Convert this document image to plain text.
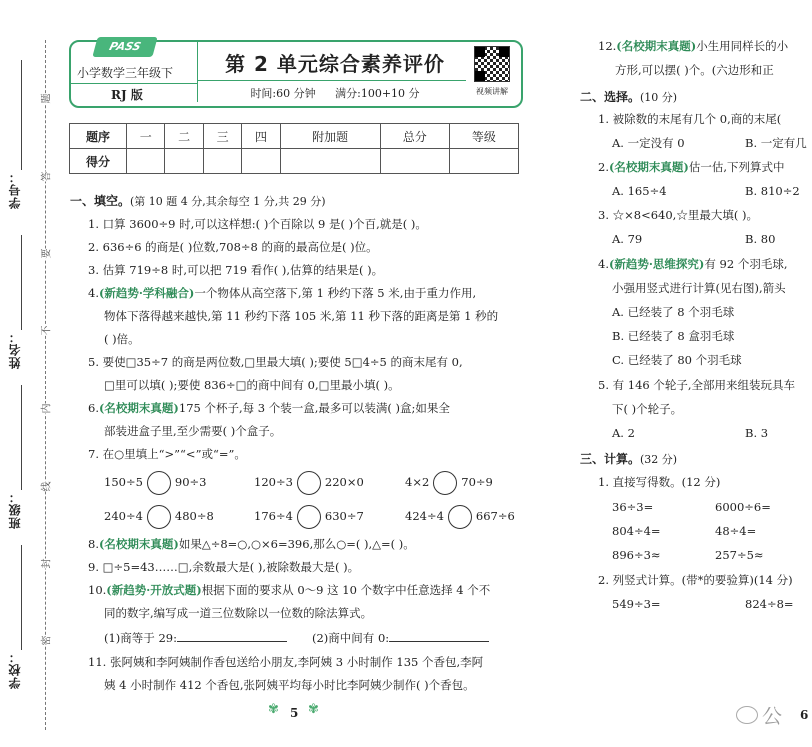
学号：
姓名：
班级：
学校：
题
答
要
不
内
线
封
密
PASS
小学数学三年级下
RJ 版
第 2 单元综合素养评价
时间:60 分钟 满分:100+10 分	视频讲解
题序	一	二	三	四	附加题	总分	等级
得分							
一、填空。(第 10 题 4 分,其余每空 1 分,共 29 分)
1. 口算 3600÷9 时,可以这样想:( )个百除以 9 是( )个百,就是( )。
2. 636÷6 的商是( )位数,708÷8 的商的最高位是( )位。
3. 估算 719÷8 时,可以把 719 看作( ),估算的结果是( )。
4.(新趋势·学科融合)一个物体从高空落下,第 1 秒约下落 5 米,由于重力作用,
物体下落得越来越快,第 11 秒约下落 105 米,第 11 秒下落的距离是第 1 秒的
( )倍。
5. 要使□35÷7 的商是两位数,□里最大填( );要使 5□4÷5 的商末尾有 0,
□里可以填( );要使 836÷□的商中间有 0,□里最小填( )。
6.(名校期末真题)175 个杯子,每 3 个装一盒,最多可以装满( )盒;如果全
部装进盒子里,至少需要( )个盒子。
7. 在○里填上“>”“<”或“=”。
150÷5	90÷3	120÷3	220×0	4×2	70÷9
240÷4	480÷8	176÷4	630÷7	424÷4	667÷6
8.(名校期末真题)如果△÷8=○,○×6=396,那么○=( ),△=( )。
9. □÷5=43……□,余数最大是( ),被除数最大是( )。
10.(新趋势·开放式题)根据下面的要求从 0～9 这 10 个数字中任意选择 4 个不
同的数字,编写成一道三位数除以一位数的除法算式。
(1)商等于 29:	(2)商中间有 0:
11. 张阿姨和李阿姨制作香包送给小朋友,李阿姨 3 小时制作 135 个香包,李阿
姨 4 小时制作 412 个香包,张阿姨平均每小时比李阿姨少制作( )个香包。
✾ 5 ✾
12.(名校期末真题)小生用同样长的小
方形,可以摆( )个。(六边形和正
二、选择。(10 分)
1. 被除数的末尾有几个 0,商的末尾(
A. 一定没有 0	B. 一定有几
2.(名校期末真题)估一估,下列算式中
A. 165÷4	B. 810÷2
3. ☆×8<640,☆里最大填( )。
A. 79	B. 80
4.(新趋势·思维探究)有 92 个羽毛球,
小强用竖式进行计算(见右图),箭头
A. 已经装了 8 个羽毛球
B. 已经装了 8 盒羽毛球
C. 已经装了 80 个羽毛球
5. 有 146 个轮子,全部用来组装玩具车
下( )个轮子。
A. 2	B. 3
三、计算。(32 分)
1. 直接写得数。(12 分)
36÷3=	6000÷6=
804÷4=	48÷4=
896÷3≈	257÷5≈
2. 列竖式计算。(带*的要验算)(14 分)
549÷3=	824÷8=
公 6
